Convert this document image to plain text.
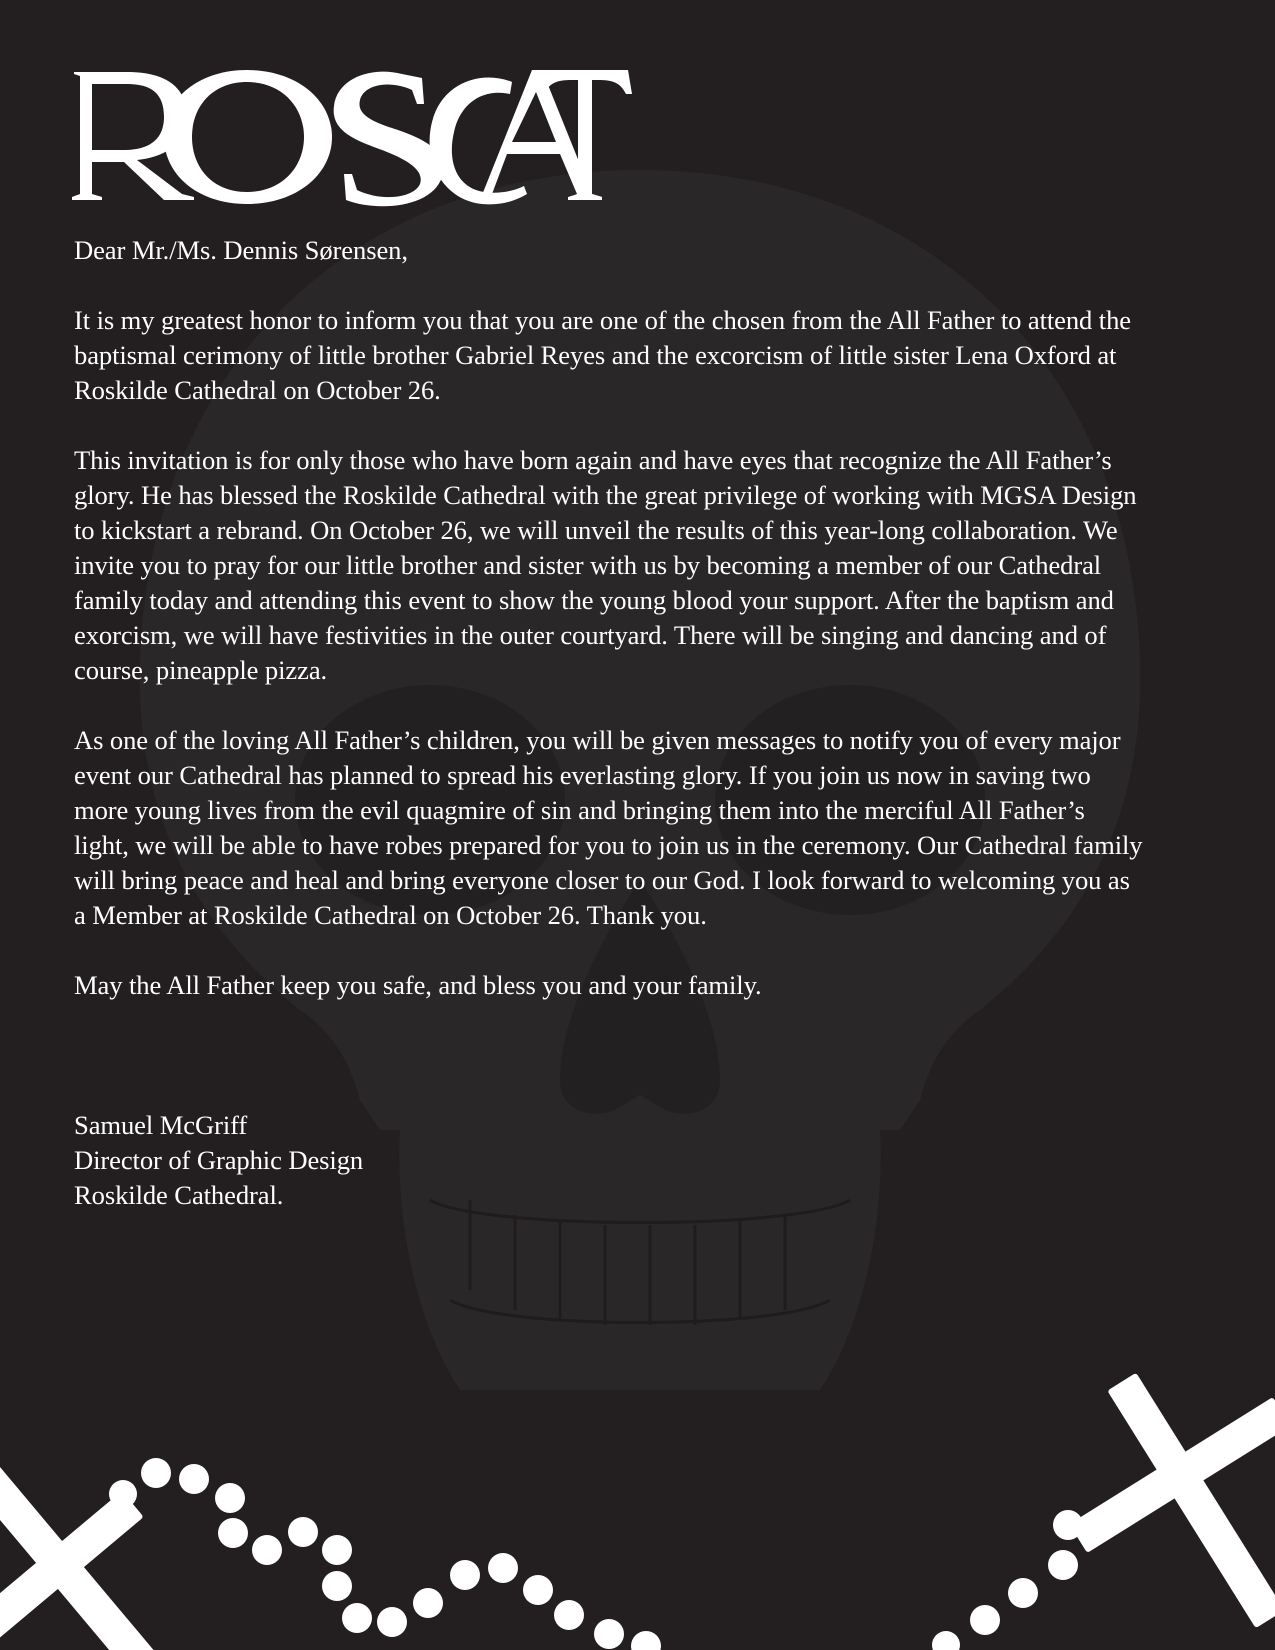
Dear Mr./Ms. Dennis Sørensen,

It is my greatest honor to inform you that you are one of the chosen from the All Father to attend the baptismal cerimony of little brother Gabriel Reyes and the excorcism of little sister Lena Oxford at Roskilde Cathedral on October 26.

This invitation is for only those who have born again and have eyes that recognize the All Father’s glory. He has blessed the Roskilde Cathedral with the great privilege of working with MGSA Design to kickstart a rebrand. On October 26, we will unveil the results of this year-long collaboration. We invite you to pray for our little brother and sister with us by becoming a member of our Cathedral family today and attending this event to show the young blood your support. After the baptism and exorcism, we will have festivities in the outer courtyard. There will be singing and dancing and of course, pineapple pizza.

As one of the loving All Father’s children, you will be given messages to notify you of every major event our Cathedral has planned to spread his everlasting glory. If you join us now in saving two more young lives from the evil quagmire of sin and bringing them into the merciful All Father’s light, we will be able to have robes prepared for you to join us in the ceremony. Our Cathedral family will bring peace and heal and bring everyone closer to our God. I look forward to welcoming you as a Member at Roskilde Cathedral on October 26. Thank you.

May the All Father keep you safe, and bless you and your family.

Samuel McGriff
Director of Graphic Design
Roskilde Cathedral.
